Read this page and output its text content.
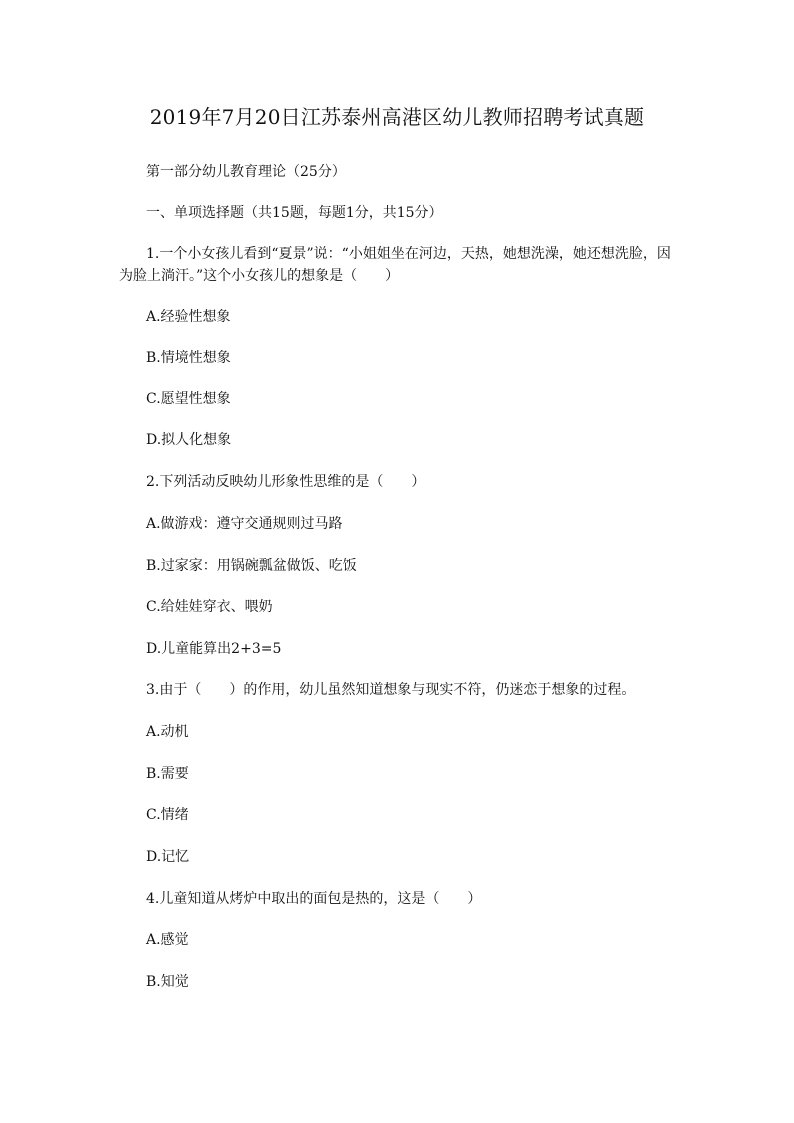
2019年7月20日江苏泰州高港区幼儿教师招聘考试真题
第一部分幼儿教育理论（25分）
一、单项选择题（共15题，每题1分，共15分）
1.一个小女孩儿看到“夏景”说：“小姐姐坐在河边，天热，她想洗澡，她还想洗脸，因为脸上淌汗。”这个小女孩儿的想象是（　　）
A.经验性想象
B.情境性想象
C.愿望性想象
D.拟人化想象
2.下列活动反映幼儿形象性思维的是（　　）
A.做游戏：遵守交通规则过马路
B.过家家：用锅碗瓢盆做饭、吃饭
C.给娃娃穿衣、喂奶
D.儿童能算出2+3=5
3.由于（　　）的作用，幼儿虽然知道想象与现实不符，仍迷恋于想象的过程。
A.动机
B.需要
C.情绪
D.记忆
4.儿童知道从烤炉中取出的面包是热的，这是（　　）
A.感觉
B.知觉
